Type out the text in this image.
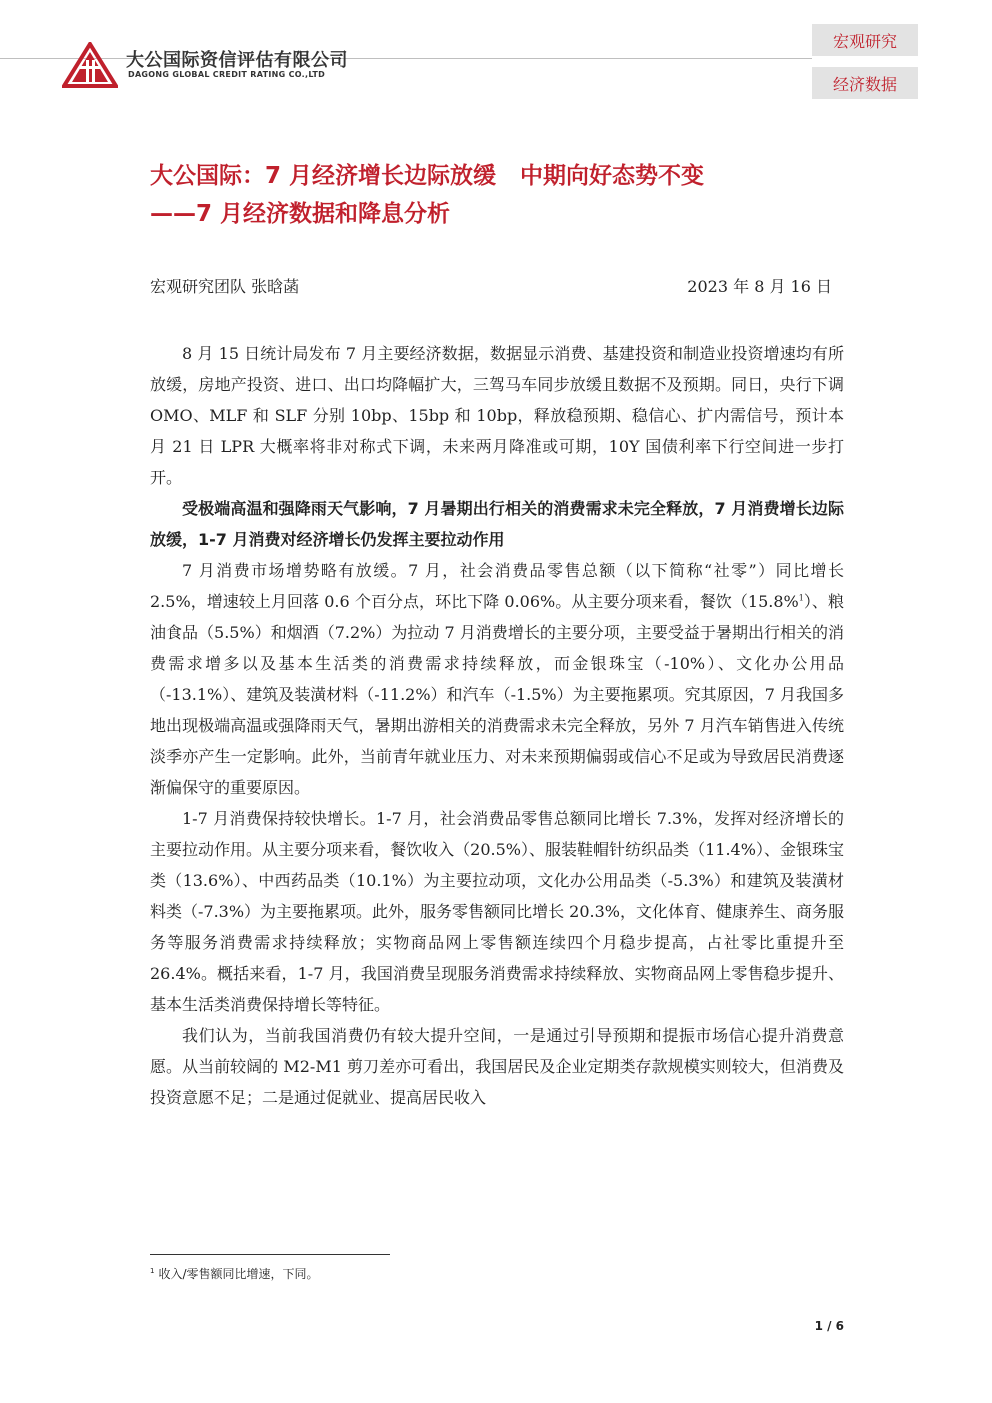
大公国际资信评估有限公司
DAGONG GLOBAL CREDIT RATING CO.,LTD
宏观研究
经济数据
大公国际：7 月经济增长边际放缓   中期向好态势不变
——7 月经济数据和降息分析
宏观研究团队 张晗菡	2023 年 8 月 16 日

8 月 15 日统计局发布 7 月主要经济数据，数据显示消费、基建投资和制造业投资增速均有所放缓，房地产投资、进口、出口均降幅扩大，三驾马车同步放缓且数据不及预期。同日，央行下调 OMO、MLF 和 SLF 分别 10bp、15bp 和 10bp，释放稳预期、稳信心、扩内需信号，预计本月 21 日 LPR 大概率将非对称式下调，未来两月降准或可期，10Y 国债利率下行空间进一步打开。

受极端高温和强降雨天气影响，7 月暑期出行相关的消费需求未完全释放，7 月消费增长边际放缓，1-7 月消费对经济增长仍发挥主要拉动作用

7 月消费市场增势略有放缓。7 月，社会消费品零售总额（以下简称“社零”）同比增长 2.5%，增速较上月回落 0.6 个百分点，环比下降 0.06%。从主要分项来看，餐饮（15.8%$^1$）、粮油食品（5.5%）和烟酒（7.2%）为拉动 7 月消费增长的主要分项，主要受益于暑期出行相关的消费需求增多以及基本生活类的消费需求持续释放，而金银珠宝（-10%）、文化办公用品（-13.1%）、建筑及装潢材料（-11.2%）和汽车（-1.5%）为主要拖累项。究其原因，7 月我国多地出现极端高温或强降雨天气，暑期出游相关的消费需求未完全释放，另外 7 月汽车销售进入传统淡季亦产生一定影响。此外，当前青年就业压力、对未来预期偏弱或信心不足或为导致居民消费逐渐偏保守的重要原因。

1-7 月消费保持较快增长。1-7 月，社会消费品零售总额同比增长 7.3%，发挥对经济增长的主要拉动作用。从主要分项来看，餐饮收入（20.5%）、服装鞋帽针纺织品类（11.4%）、金银珠宝类（13.6%）、中西药品类（10.1%）为主要拉动项，文化办公用品类（-5.3%）和建筑及装潢材料类（-7.3%）为主要拖累项。此外，服务零售额同比增长 20.3%，文化体育、健康养生、商务服务等服务消费需求持续释放；实物商品网上零售额连续四个月稳步提高，占社零比重提升至 26.4%。概括来看，1-7 月，我国消费呈现服务消费需求持续释放、实物商品网上零售稳步提升、基本生活类消费保持增长等特征。

我们认为，当前我国消费仍有较大提升空间，一是通过引导预期和提振市场信心提升消费意愿。从当前较阔的 M2-M1 剪刀差亦可看出，我国居民及企业定期类存款规模实则较大，但消费及投资意愿不足；二是通过促就业、提高居民收入

$^1$ 收入/零售额同比增速，下同。
1 / 6
